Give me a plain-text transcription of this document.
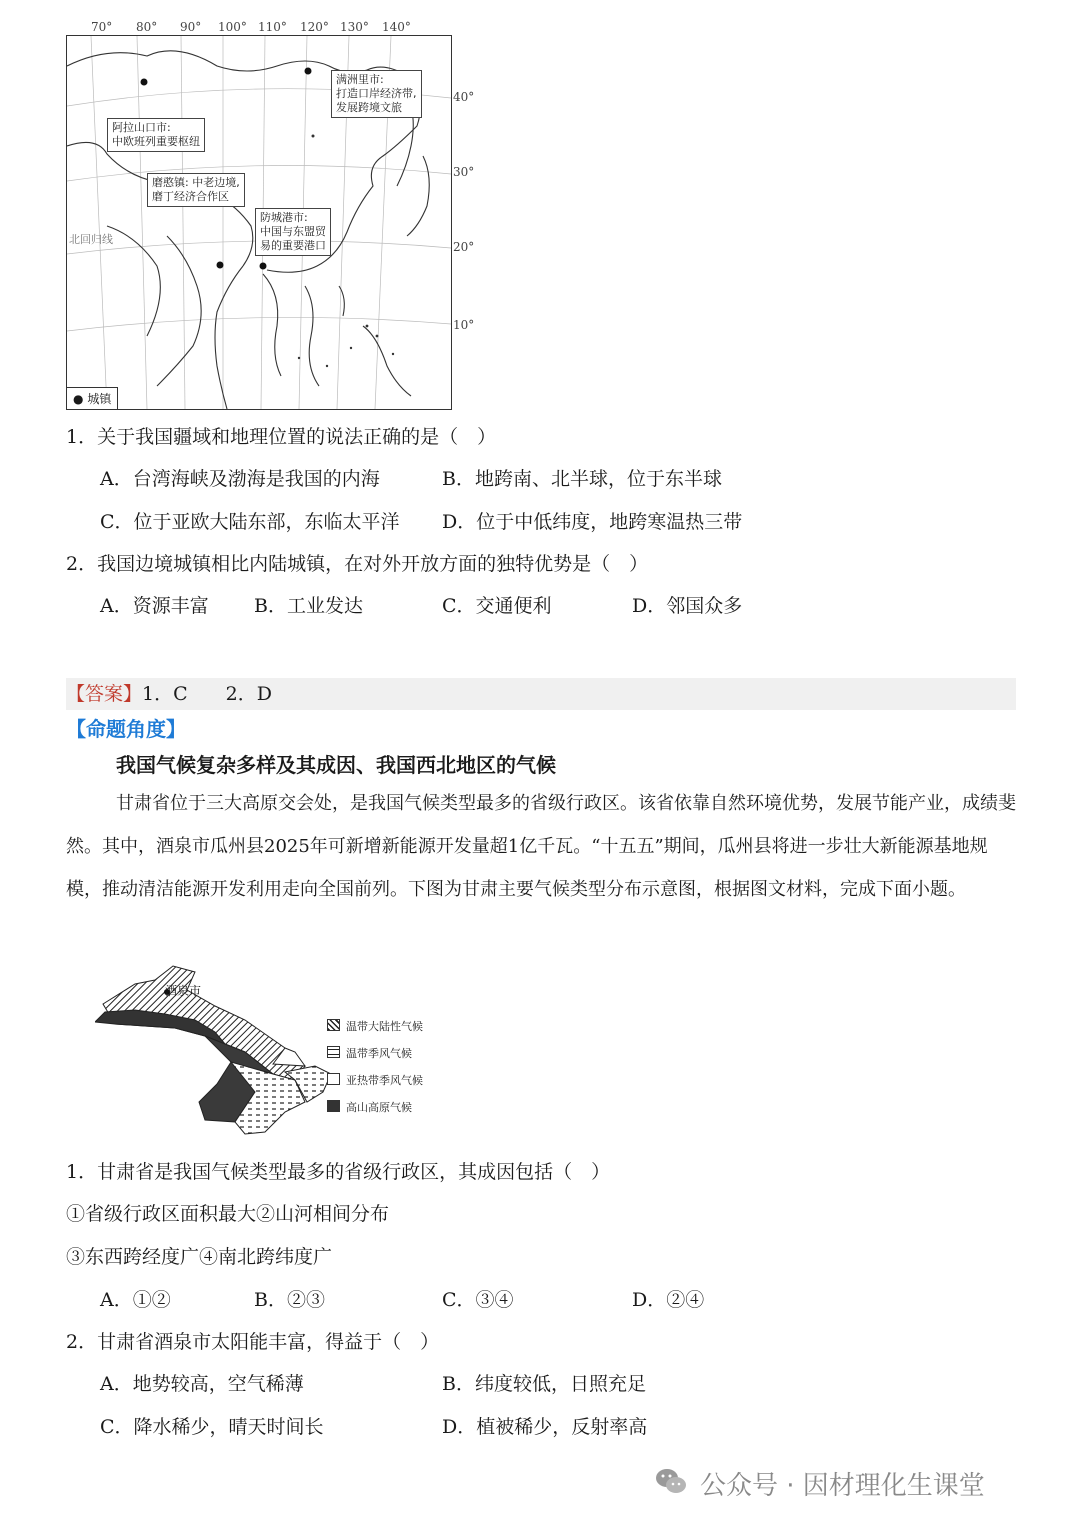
70° 80° 90° 100° 110° 120° 130° 140°
40°
30°
20°
10°
满洲里市:
打造口岸经济带,
发展跨境文旅
阿拉山口市:
中欧班列重要枢纽
磨憨镇: 中老边境,
磨丁经济合作区
防城港市:
中国与东盟贸
易的重要港口
北回归线
● 城镇
1．关于我国疆域和地理位置的说法正确的是（　）
A．台湾海峡及渤海是我国的内海	B．地跨南、北半球，位于东半球
C．位于亚欧大陆东部，东临太平洋 D．位于中低纬度，地跨寒温热三带
2．我国边境城镇相比内陆城镇，在对外开放方面的独特优势是（　）
A．资源丰富 B．工业发达	C．交通便利	D．邻国众多
【答案】1．C　　2．D
【命题角度】
我国气候复杂多样及其成因、我国西北地区的气候
甘肃省位于三大高原交会处，是我国气候类型最多的省级行政区。该省依靠自然环境优势，发展节能产业，成绩斐然。其中，酒泉市瓜州县2025年可新增新能源开发量超1亿千瓦。“十五五”期间，瓜州县将进一步壮大新能源基地规模，推动清洁能源开发利用走向全国前列。下图为甘肃主要气候类型分布示意图，根据图文材料，完成下面小题。
酒泉市
温带大陆性气候
温带季风气候
亚热带季风气候
高山高原气候
1．甘肃省是我国气候类型最多的省级行政区，其成因包括（　）
①省级行政区面积最大②山河相间分布
③东西跨经度广④南北跨纬度广
A．①②	B．②③	C．③④	D．②④
2．甘肃省酒泉市太阳能丰富，得益于（　）
A．地势较高，空气稀薄	B．纬度较低，日照充足
C．降水稀少，晴天时间长	D．植被稀少，反射率高
公众号 · 因材理化生课堂
